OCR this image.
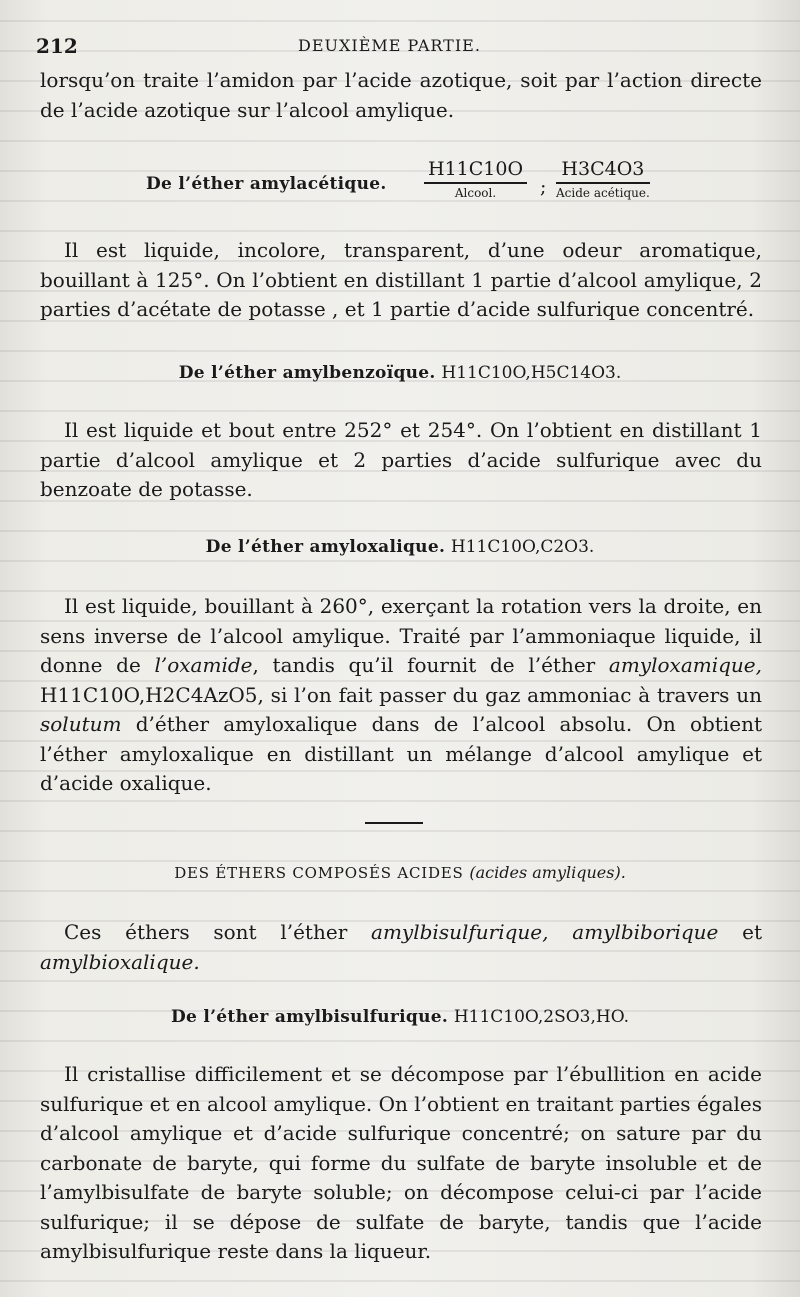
212	DEUXIÈME PARTIE.

lorsqu’on traite l’amidon par l’acide azotique, soit par l’action directe de l’acide azotique sur l’alcool amylique.

De l’éther amylacétique.
H11C10O
Alcool.	;
H3C4O3
Acide acétique.

Il est liquide, incolore, transparent, d’une odeur aromatique, bouillant à 125°. On l’obtient en distillant 1 partie d’alcool amylique, 2 parties d’acétate de potasse , et 1 partie d’acide sulfurique concentré.

De l’éther amylbenzoïque. H11C10O,H5C14O3.

Il est liquide et bout entre 252° et 254°. On l’obtient en distillant 1 partie d’alcool amylique et 2 parties d’acide sulfurique avec du benzoate de potasse.

De l’éther amyloxalique. H11C10O,C2O3.

Il est liquide, bouillant à 260°, exerçant la rotation vers la droite, en sens inverse de l’alcool amylique. Traité par l’ammoniaque liquide, il donne de l’oxamide, tandis qu’il fournit de l’éther amyloxamique, H11C10O,H2C4AzO5, si l’on fait passer du gaz ammoniac à travers un solutum d’éther amyloxalique dans de l’alcool absolu. On obtient l’éther amyloxalique en distillant un mélange d’alcool amylique et d’acide oxalique.

DES ÉTHERS COMPOSÉS ACIDES (acides amyliques).

Ces éthers sont l’éther amylbisulfurique, amylbiborique et amylbioxalique.

De l’éther amylbisulfurique. H11C10O,2SO3,HO.

Il cristallise difficilement et se décompose par l’ébullition en acide sulfurique et en alcool amylique. On l’obtient en traitant parties égales d’alcool amylique et d’acide sulfurique concentré; on sature par du carbonate de baryte, qui forme du sulfate de baryte insoluble et de l’amylbisulfate de baryte soluble; on décompose celui-ci par l’acide sulfurique; il se dépose de sulfate de baryte, tandis que l’acide amylbisulfurique reste dans la liqueur.
